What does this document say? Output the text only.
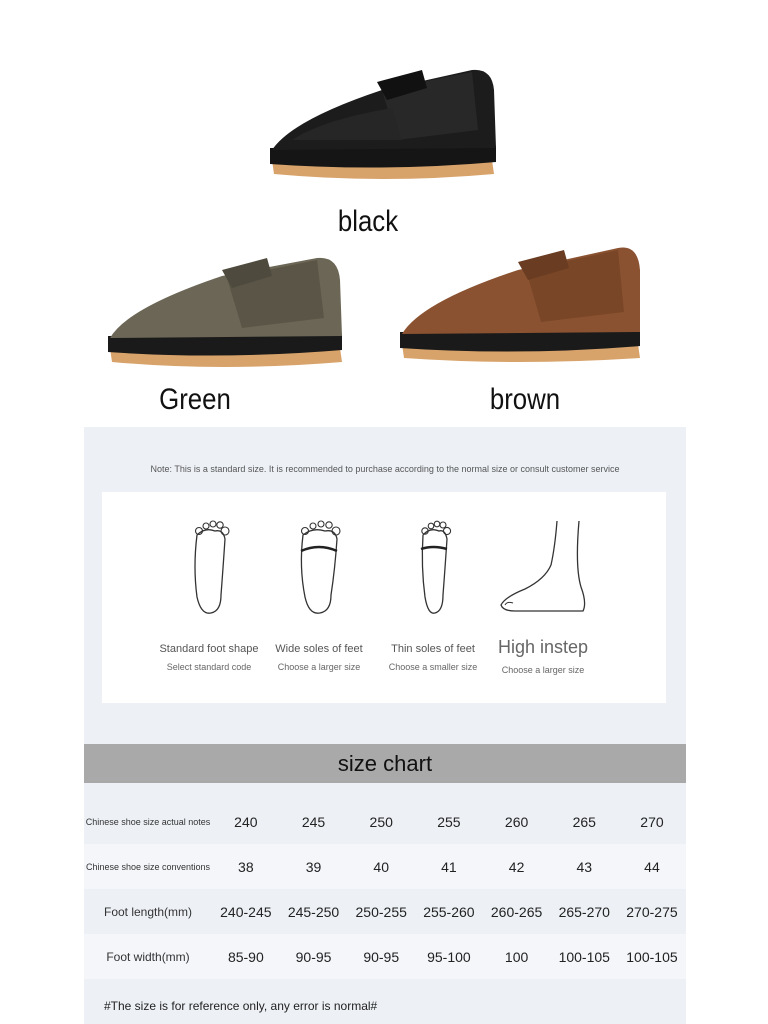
black
Green	brown
Note: This is a standard size. It is recommended to purchase according to the normal size or consult customer service
Standard foot shape
Select standard code
Wide soles of feet
Choose a larger size
Thin soles of feet
Choose a smaller size
High instep
Choose a larger size
size chart
Chinese shoe size actual notes	240	245	250	255	260	265	270
Chinese shoe size conventions	38	39	40	41	42	43	44
Foot length(mm)	240-245	245-250	250-255	255-260	260-265	265-270	270-275
Foot width(mm)	85-90	90-95	90-95	95-100	100	100-105	100-105
#The size is for reference only, any error is normal#
